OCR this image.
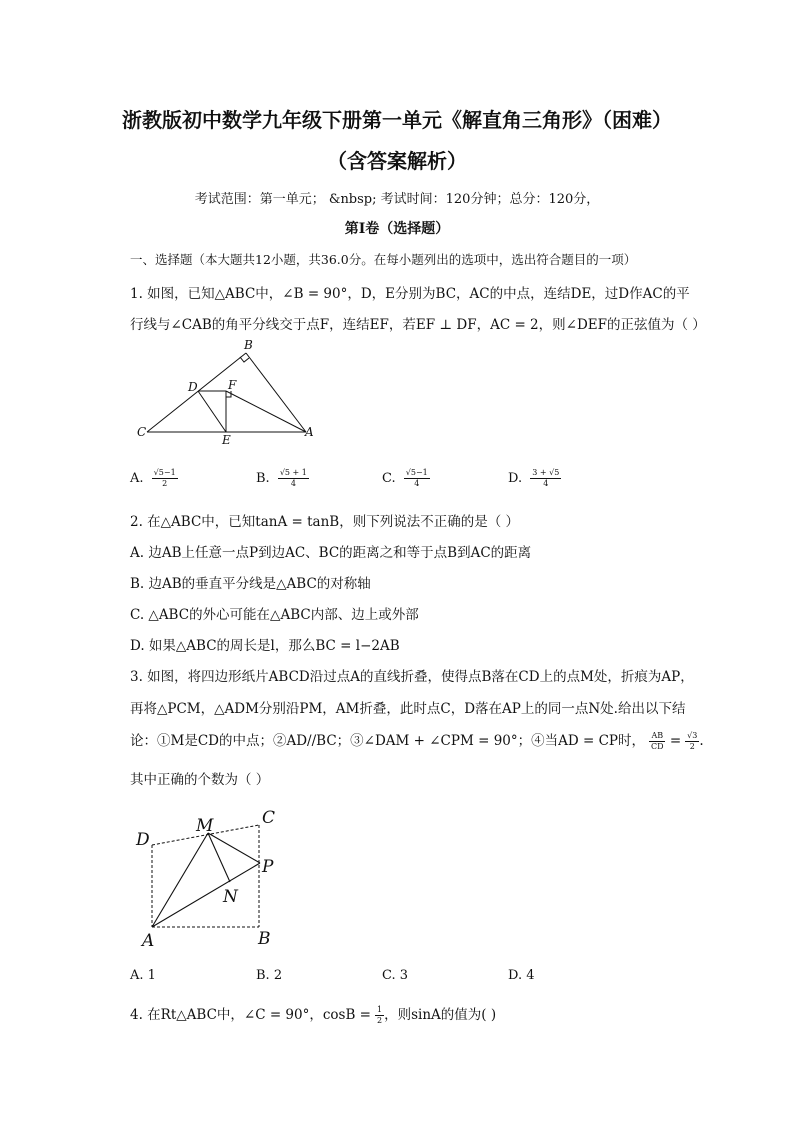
浙教版初中数学九年级下册第一单元《解直角三角形》（困难）
（含答案解析）
考试范围：第一单元； &nbsp; 考试时间：120分钟；总分：120分，
第I卷（选择题）
一、选择题（本大题共12小题，共36.0分。在每小题列出的选项中，选出符合题目的一项）
1. 如图，已知△ABC中，∠B = 90°，D，E分别为BC，AC的中点，连结DE，过D作AC的平
行线与∠CAB的角平分线交于点F，连结EF，若EF ⊥ DF，AC = 2，则∠DEF的正弦值为（ ）
B
D	F
C
E
A
A. $\frac{√5-1}{2}$	B. $\frac{√5 + 1}{4}$	C. $\frac{√5-1}{4}$	D. $\frac{3 + √5}{4}$
2. 在△ABC中，已知tanA = tanB，则下列说法不正确的是（ ）
A. 边AB上任意一点P到边AC、BC的距离之和等于点B到AC的距离
B. 边AB的垂直平分线是△ABC的对称轴
C. △ABC的外心可能在△ABC内部、边上或外部
D. 如果△ABC的周长是l，那么BC = l−2AB
3. 如图，将四边形纸片ABCD沿过点A的直线折叠，使得点B落在CD上的点M处，折痕为AP，
再将△PCM，△ADM分别沿PM，AM折叠，此时点C，D落在AP上的同一点N处.给出以下结
论：①M是CD的中点；②AD//BC；③∠DAM + ∠CPM = 90°；④当AD = CP时， $\frac{AB}{CD} = \frac{√3}{2}$ .
其中正确的个数为（ ）
D
M	C
P
N
A	B
A. 1	B. 2	C. 3	D. 4
4. 在Rt△ABC中，∠C = 90°，$\cos B = \frac{1}{2}$ ，则sinA的值为( )
